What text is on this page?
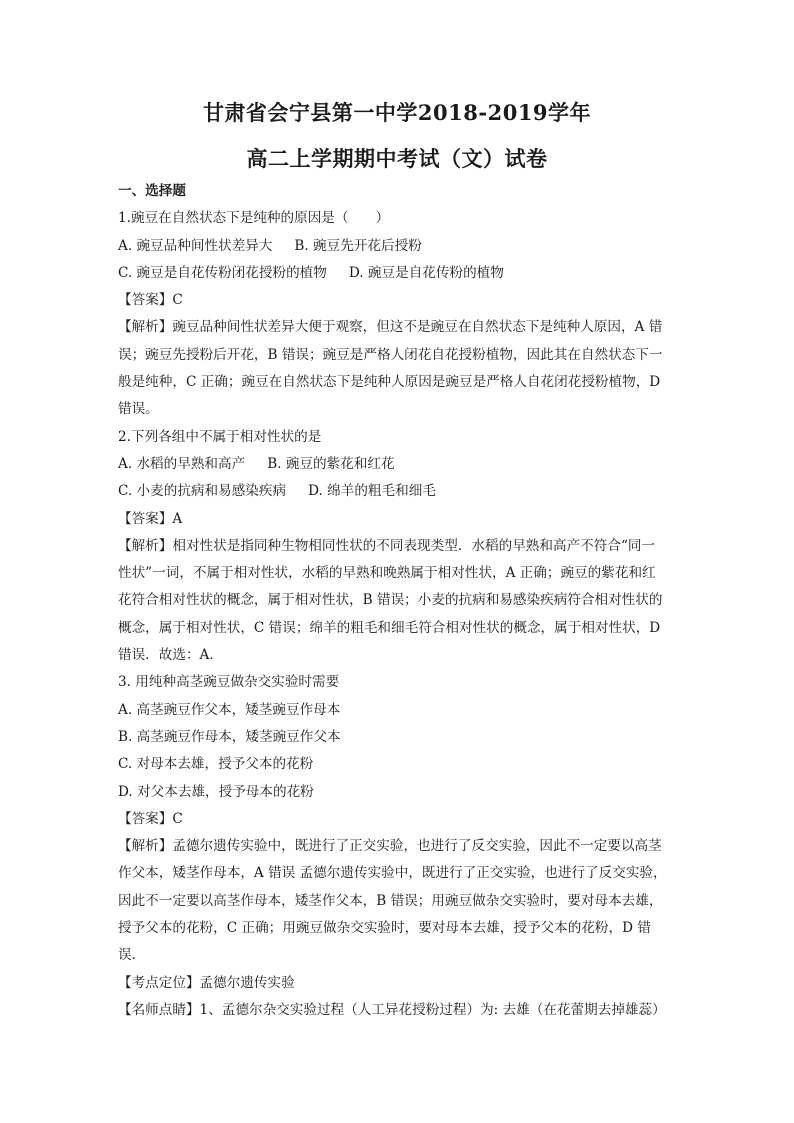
甘肃省会宁县第一中学2018-2019学年
高二上学期期中考试（文）试卷
一、选择题
1.豌豆在自然状态下是纯种的原因是（　　）
A. 豌豆品种间性状差异大 B. 豌豆先开花后授粉
C. 豌豆是自花传粉闭花授粉的植物 D. 豌豆是自花传粉的植物
【答案】C
【解析】豌豆品种间性状差异大便于观察，但这不是豌豆在自然状态下是纯种人原因，A 错
误；豌豆先授粉后开花，B 错误；豌豆是严格人闭花自花授粉植物，因此其在自然状态下一
般是纯种，C 正确；豌豆在自然状态下是纯种人原因是豌豆是严格人自花闭花授粉植物，D
错误。
2.下列各组中不属于相对性状的是
A. 水稻的早熟和高产 B. 豌豆的紫花和红花
C. 小麦的抗病和易感染疾病 D. 绵羊的粗毛和细毛
【答案】A
【解析】相对性状是指同种生物相同性状的不同表现类型．水稻的早熟和高产不符合“同一
性状”一词，不属于相对性状，水稻的早熟和晚熟属于相对性状，A 正确；豌豆的紫花和红
花符合相对性状的概念，属于相对性状，B 错误；小麦的抗病和易感染疾病符合相对性状的
概念，属于相对性状，C 错误；绵羊的粗毛和细毛符合相对性状的概念，属于相对性状，D
错误．故选：A．
3. 用纯种高茎豌豆做杂交实验时需要
A. 高茎豌豆作父本，矮茎豌豆作母本
B. 高茎豌豆作母本，矮茎豌豆作父本
C. 对母本去雄，授予父本的花粉
D. 对父本去雄，授予母本的花粉
【答案】C
【解析】孟德尔遗传实验中，既进行了正交实验，也进行了反交实验，因此不一定要以高茎
作父本，矮茎作母本，A 错误 孟德尔遗传实验中，既进行了正交实验，也进行了反交实验，
因此不一定要以高茎作母本，矮茎作父本，B 错误；用豌豆做杂交实验时，要对母本去雄，
授予父本的花粉，C 正确；用豌豆做杂交实验时，要对母本去雄，授予父本的花粉，D 错
误．
【考点定位】孟德尔遗传实验
【名师点睛】1、孟德尔杂交实验过程（人工异花授粉过程）为: 去雄（在花蕾期去掉雄蕊）
